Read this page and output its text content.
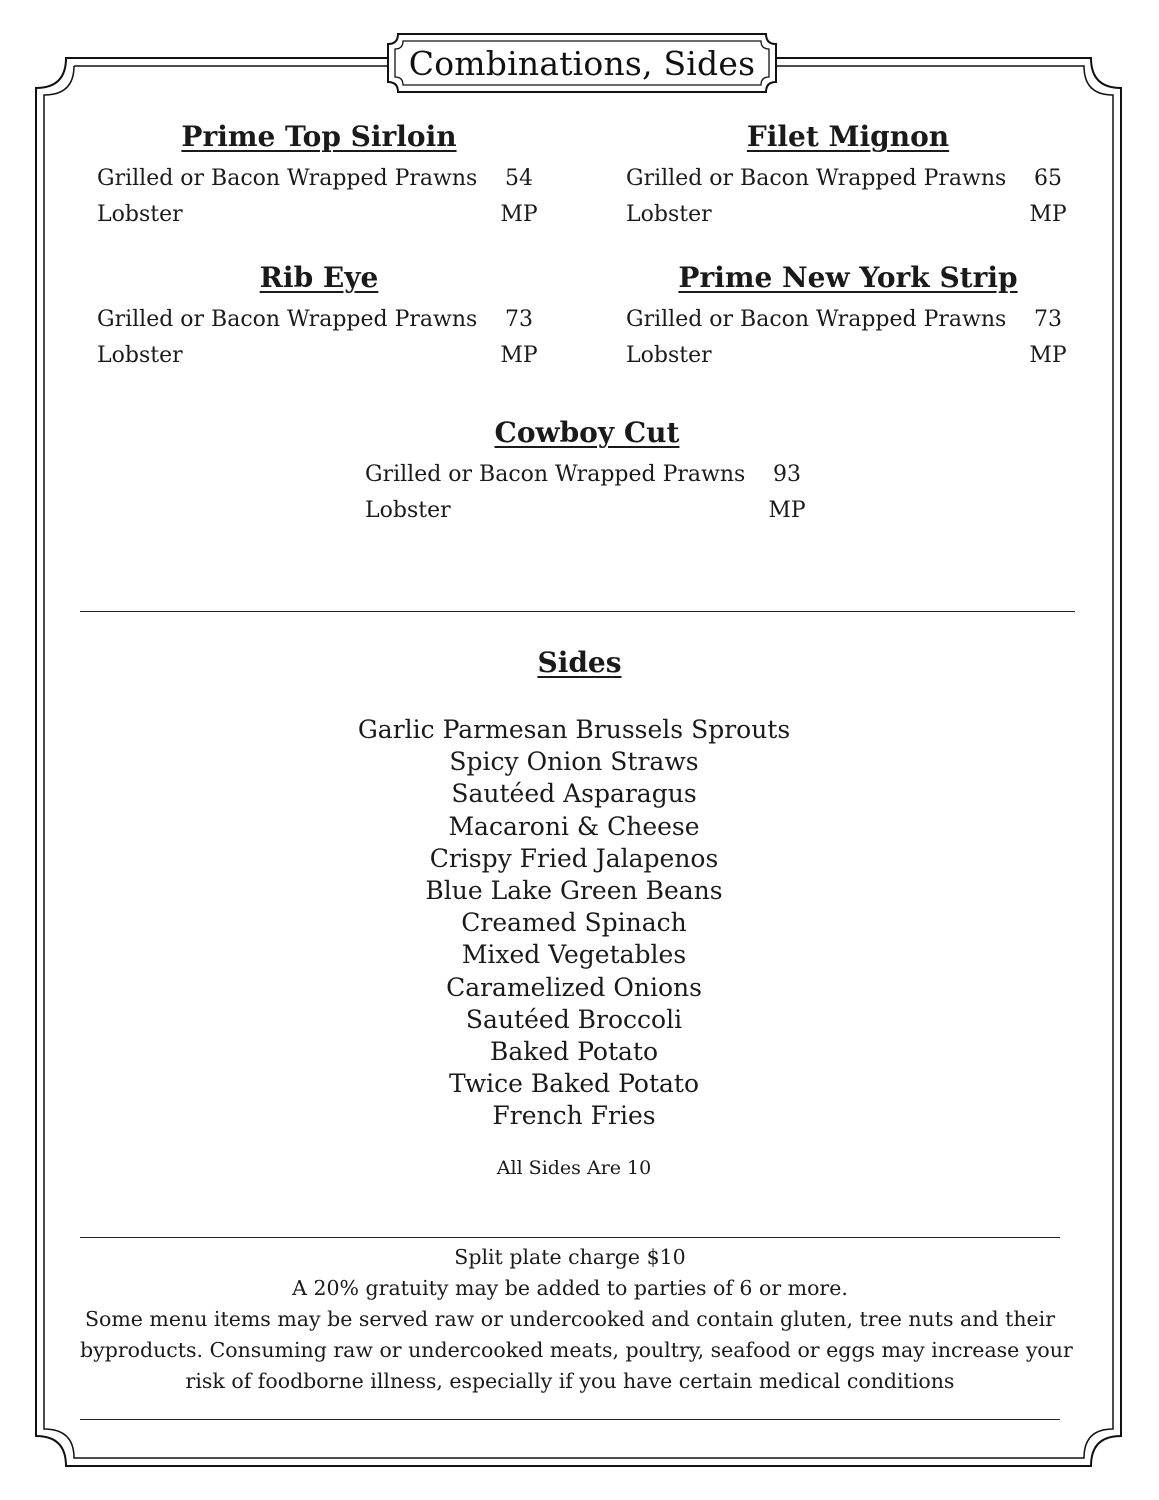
Combinations, Sides
Prime Top Sirloin
Grilled or Bacon Wrapped Prawns	54
Lobster	MP
Filet Mignon
Grilled or Bacon Wrapped Prawns	65
Lobster	MP
Rib Eye
Grilled or Bacon Wrapped Prawns	73
Lobster	MP
Prime New York Strip
Grilled or Bacon Wrapped Prawns	73
Lobster	MP
Cowboy Cut
Grilled or Bacon Wrapped Prawns	93
Lobster	MP
Sides
Garlic Parmesan Brussels Sprouts
Spicy Onion Straws
Sautéed Asparagus
Macaroni & Cheese
Crispy Fried Jalapenos
Blue Lake Green Beans
Creamed Spinach
Mixed Vegetables
Caramelized Onions
Sautéed Broccoli
Baked Potato
Twice Baked Potato
French Fries
All Sides Are 10
Split plate charge $10
A 20% gratuity may be added to parties of 6 or more.
Some menu items may be served raw or undercooked and contain gluten, tree nuts and their
byproducts. Consuming raw or undercooked meats, poultry, seafood or eggs may increase your
risk of foodborne illness, especially if you have certain medical conditions
